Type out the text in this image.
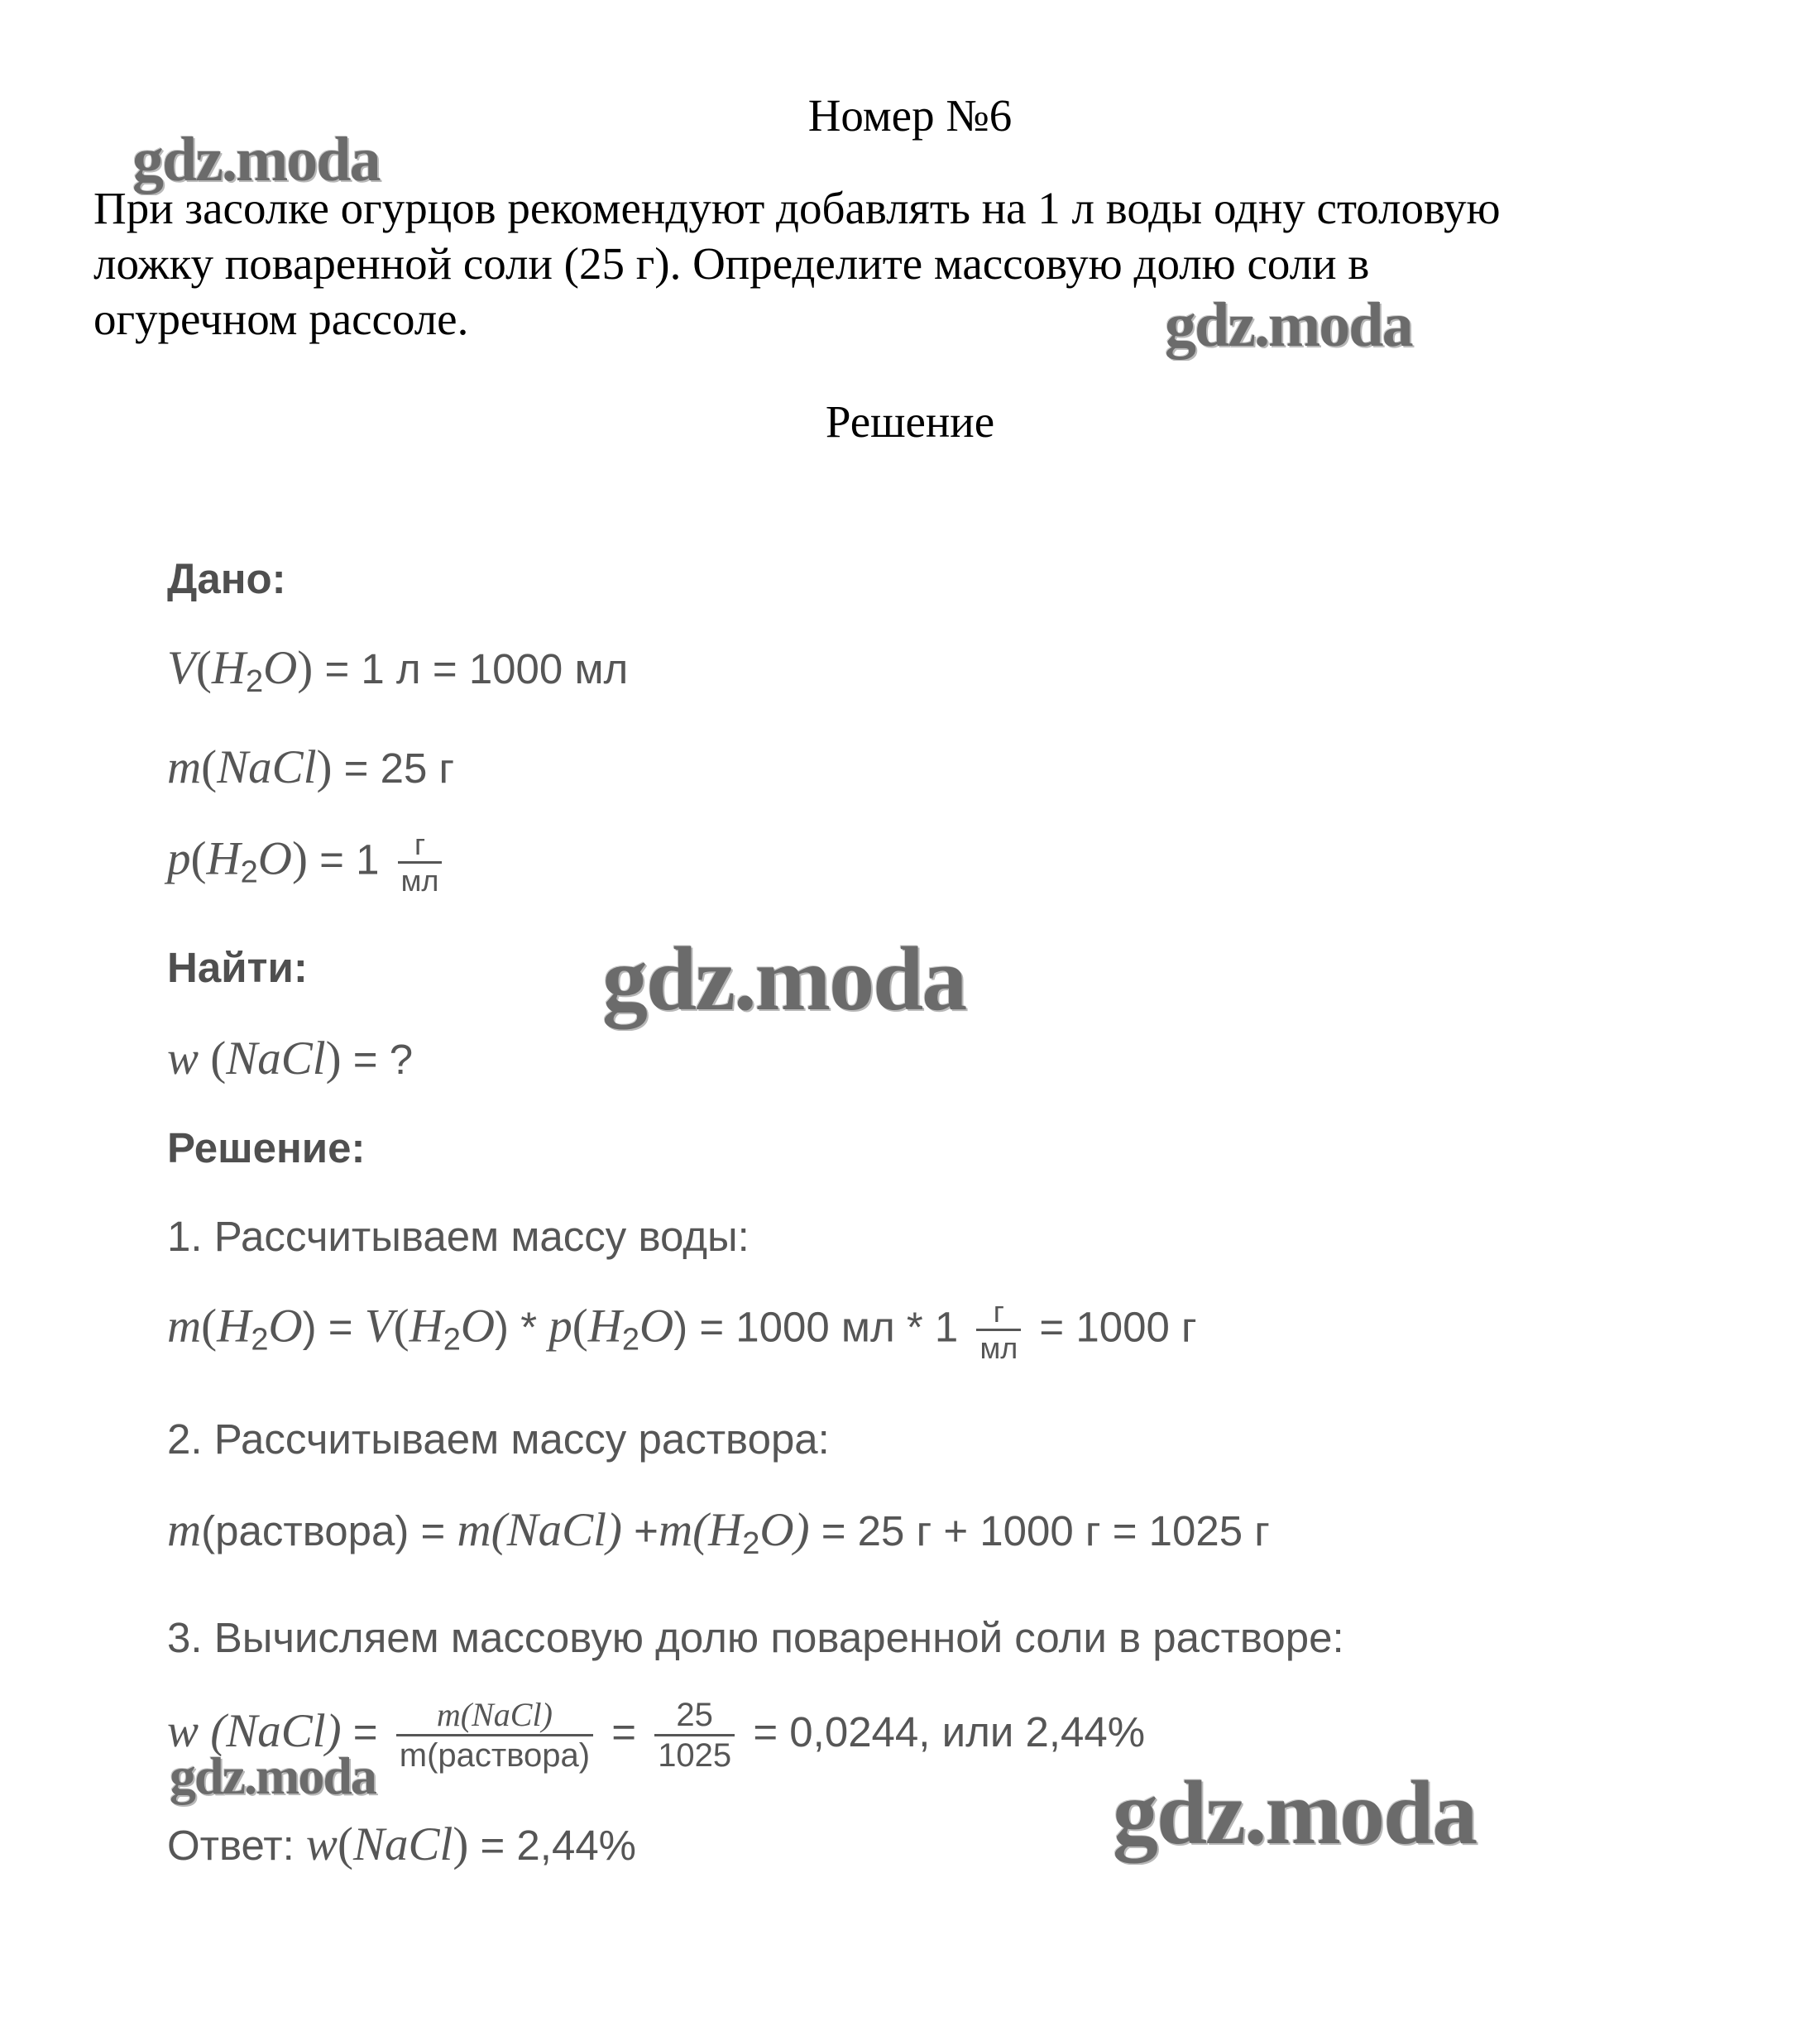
Номер №6
При засолке огурцов рекомендуют добавлять на 1 л воды одну столовую
ложку поваренной соли (25 г). Определите массовую долю соли в
огуречном рассоле.
Решение
Дано:
$V(H_2O) = 1$ л = 1000 мл
m(NaCl) = 25 г
$p(H_2O) = 1 \frac{г}{мл}$
Найти:
w (NaCl) = ?
Решение:
1. Рассчитываем массу воды:
$m(H_2O) = V(H_2O) * p(H_2O) = 1000$ мл * $1 \frac{г}{мл} = 1000$ г
2. Рассчитываем массу раствора:
m(раствора) = m(NaCl) $+m(H_2O) = 25$ г + 1000 г = 1025 г
3. Вычисляем массовую долю поваренной соли в растворе:
w (NaCl) = $\frac{\text{m(NaCl)}}{\text{m(раствора)}} = \frac{25}{1025} = 0,0244$, или 2,44%
Ответ: w(NaCl) = 2,44%
gdz.moda
gdz.moda
gdz.moda
gdz.moda	gdz.moda
